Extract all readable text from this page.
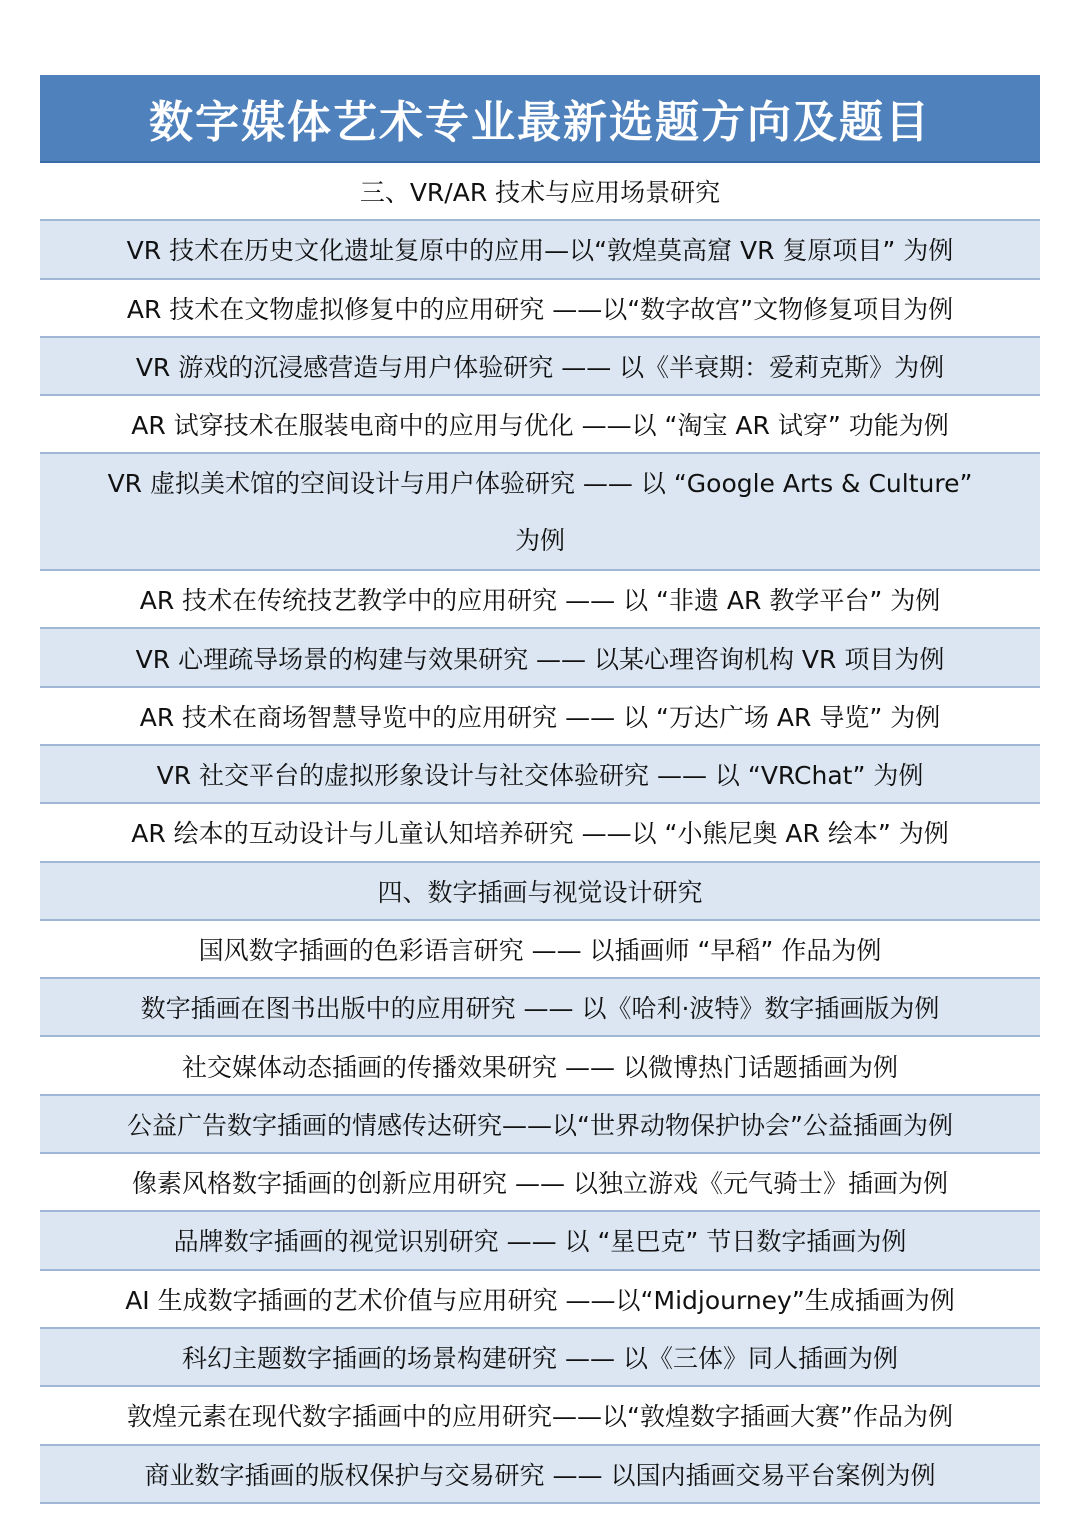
数字媒体艺术专业最新选题方向及题目
三、VR/AR 技术与应用场景研究
VR 技术在历史文化遗址复原中的应用—以“敦煌莫高窟 VR 复原项目” 为例
AR 技术在文物虚拟修复中的应用研究 ——以“数字故宫”文物修复项目为例
VR 游戏的沉浸感营造与用户体验研究 —— 以《半衰期：爱莉克斯》为例
AR 试穿技术在服装电商中的应用与优化 ——以 “淘宝 AR 试穿” 功能为例
VR 虚拟美术馆的空间设计与用户体验研究 —— 以 “Google Arts & Culture” 为例
AR 技术在传统技艺教学中的应用研究 —— 以 “非遗 AR 教学平台” 为例
VR 心理疏导场景的构建与效果研究 —— 以某心理咨询机构 VR 项目为例
AR 技术在商场智慧导览中的应用研究 —— 以 “万达广场 AR 导览” 为例
VR 社交平台的虚拟形象设计与社交体验研究 —— 以 “VRChat” 为例
AR 绘本的互动设计与儿童认知培养研究 ——以 “小熊尼奥 AR 绘本” 为例
四、数字插画与视觉设计研究
国风数字插画的色彩语言研究 —— 以插画师 “早稻” 作品为例
数字插画在图书出版中的应用研究 —— 以《哈利·波特》数字插画版为例
社交媒体动态插画的传播效果研究 —— 以微博热门话题插画为例
公益广告数字插画的情感传达研究——以“世界动物保护协会”公益插画为例
像素风格数字插画的创新应用研究 —— 以独立游戏《元气骑士》插画为例
品牌数字插画的视觉识别研究 —— 以 “星巴克” 节日数字插画为例
AI 生成数字插画的艺术价值与应用研究 ——以“Midjourney”生成插画为例
科幻主题数字插画的场景构建研究 —— 以《三体》同人插画为例
敦煌元素在现代数字插画中的应用研究——以“敦煌数字插画大赛”作品为例
商业数字插画的版权保护与交易研究 —— 以国内插画交易平台案例为例
